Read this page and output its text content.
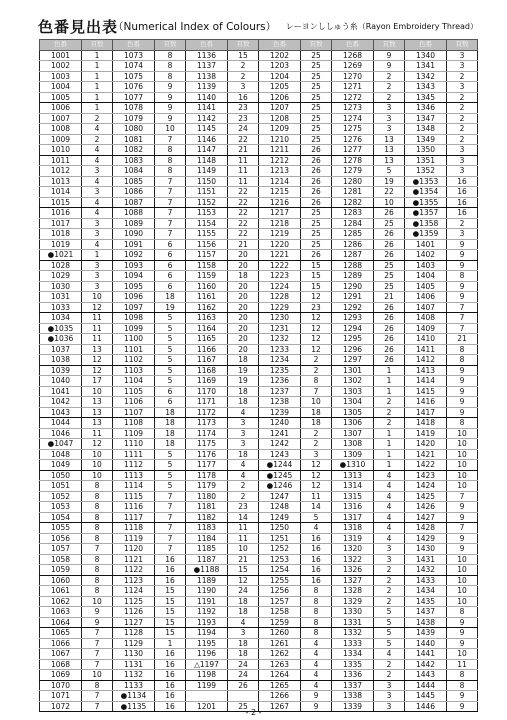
色番見出表
（Numerical Index of Colours） レーヨンししゅう糸（Rayon Embroidery Thread）
色番	頁数	色番	頁数	色番	頁数	色番	頁数	色番	頁数	色番	頁数
1001	1	1073	8	1136	15	1202	25	1268	9	1340	3
1002	1	1074	8	1137	2	1203	25	1269	9	1341	3
1003	1	1075	8	1138	2	1204	25	1270	2	1342	2
1004	1	1076	9	1139	3	1205	25	1271	2	1343	3
1005	1	1077	9	1140	16	1206	25	1272	2	1345	2
1006	1	1078	9	1141	23	1207	25	1273	3	1346	2
1007	2	1079	9	1142	23	1208	25	1274	3	1347	2
1008	4	1080	10	1145	24	1209	25	1275	3	1348	2
1009	2	1081	7	1146	22	1210	25	1276	13	1349	2
1010	4	1082	8	1147	21	1211	26	1277	13	1350	3
1011	4	1083	8	1148	11	1212	26	1278	13	1351	3
1012	3	1084	8	1149	11	1213	26	1279	5	1352	3
1013	4	1085	7	1150	11	1214	26	1280	19	●1353	16
1014	3	1086	7	1151	22	1215	26	1281	22	●1354	16
1015	4	1087	7	1152	22	1216	26	1282	10	●1355	16
1016	4	1088	7	1153	22	1217	25	1283	26	●1357	16
1017	3	1089	7	1154	22	1218	25	1284	25	●1358	2
1018	3	1090	7	1155	22	1219	25	1285	26	●1359	3
1019	4	1091	6	1156	21	1220	25	1286	26	1401	9
●1021	1	1092	6	1157	20	1221	26	1287	26	1402	9
1028	3	1093	6	1158	20	1222	15	1288	25	1403	9
1029	3	1094	6	1159	18	1223	15	1289	25	1404	8
1030	3	1095	6	1160	20	1224	15	1290	25	1405	9
1031	10	1096	18	1161	20	1228	12	1291	21	1406	9
1033	12	1097	19	1162	20	1229	23	1292	26	1407	7
1034	11	1098	5	1163	20	1230	12	1293	26	1408	7
●1035	11	1099	5	1164	20	1231	12	1294	26	1409	7
●1036	11	1100	5	1165	20	1232	12	1295	26	1410	21
1037	13	1101	5	1166	20	1233	12	1296	26	1411	8
1038	12	1102	5	1167	18	1234	2	1297	26	1412	8
1039	12	1103	5	1168	19	1235	2	1301	1	1413	9
1040	17	1104	5	1169	19	1236	8	1302	1	1414	9
1041	10	1105	6	1170	18	1237	7	1303	1	1415	9
1042	13	1106	6	1171	18	1238	10	1304	2	1416	9
1043	13	1107	18	1172	4	1239	18	1305	2	1417	9
1044	13	1108	18	1173	3	1240	18	1306	2	1418	8
1046	11	1109	18	1174	3	1241	2	1307	1	1419	10
●1047	12	1110	18	1175	3	1242	2	1308	1	1420	10
1048	10	1111	5	1176	18	1243	3	1309	1	1421	10
1049	10	1112	5	1177	4	●1244	12	●1310	1	1422	10
1050	10	1113	5	1178	4	●1245	12	1313	4	1423	10
1051	8	1114	5	1179	2	●1246	12	1314	4	1424	10
1052	8	1115	7	1180	2	1247	11	1315	4	1425	7
1053	8	1116	7	1181	23	1248	14	1316	4	1426	9
1054	8	1117	7	1182	14	1249	5	1317	4	1427	9
1055	8	1118	7	1183	11	1250	4	1318	4	1428	7
1056	8	1119	7	1184	11	1251	16	1319	4	1429	9
1057	7	1120	7	1185	10	1252	16	1320	3	1430	9
1058	8	1121	16	1187	21	1253	16	1322	3	1431	10
1059	8	1122	16	●1188	15	1254	16	1326	2	1432	10
1060	8	1123	16	1189	12	1255	16	1327	2	1433	10
1061	8	1124	15	1190	24	1256	8	1328	2	1434	10
1062	10	1125	15	1191	18	1257	8	1329	2	1435	10
1063	9	1126	15	1192	18	1258	8	1330	5	1437	8
1064	9	1127	15	1193	4	1259	8	1331	5	1438	9
1065	7	1128	15	1194	3	1260	8	1332	5	1439	9
1066	7	1129	1	1195	18	1261	4	1333	5	1440	9
1067	7	1130	16	1196	18	1262	4	1334	4	1441	10
1068	7	1131	16	△1197	24	1263	4	1335	2	1442	11
1069	10	1132	16	1198	24	1264	4	1336	2	1443	8
1070	8	1133	16	1199	26	1265	4	1337	3	1444	8
1071	7	●1134	16			1266	9	1338	3	1445	9
1072	7	●1135	16	1201	25	1267	9	1339	3	1446	9
- 2 -
